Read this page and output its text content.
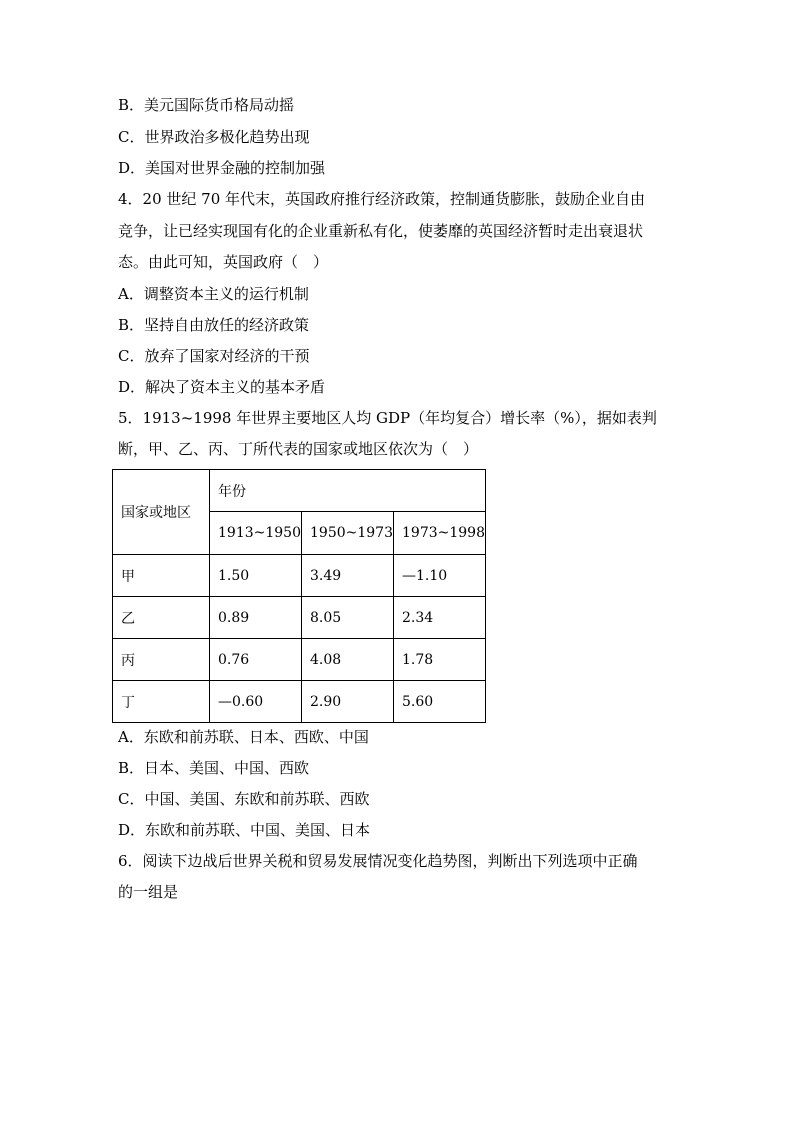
B．美元国际货币格局动摇
C．世界政治多极化趋势出现
D．美国对世界金融的控制加强
4．20 世纪 70 年代末，英国政府推行经济政策，控制通货膨胀，鼓励企业自由
竞争，让已经实现国有化的企业重新私有化，使萎靡的英国经济暂时走出衰退状
态。由此可知，英国政府（　）
A．调整资本主义的运行机制
B．坚持自由放任的经济政策
C．放弃了国家对经济的干预
D．解决了资本主义的基本矛盾
5．1913~1998 年世界主要地区人均 GDP（年均复合）增长率（%），据如表判
断，甲、乙、丙、丁所代表的国家或地区依次为（　）
国家或地区	年份		
	1913~1950	1950~1973	1973~1998
甲	1.50	3.49	—1.10
乙	0.89	8.05	2.34
丙	0.76	4.08	1.78
丁	—0.60	2.90	5.60
A．东欧和前苏联、日本、西欧、中国
B．日本、美国、中国、西欧
C．中国、美国、东欧和前苏联、西欧
D．东欧和前苏联、中国、美国、日本
6．阅读下边战后世界关税和贸易发展情况变化趋势图，判断出下列选项中正确
的一组是
